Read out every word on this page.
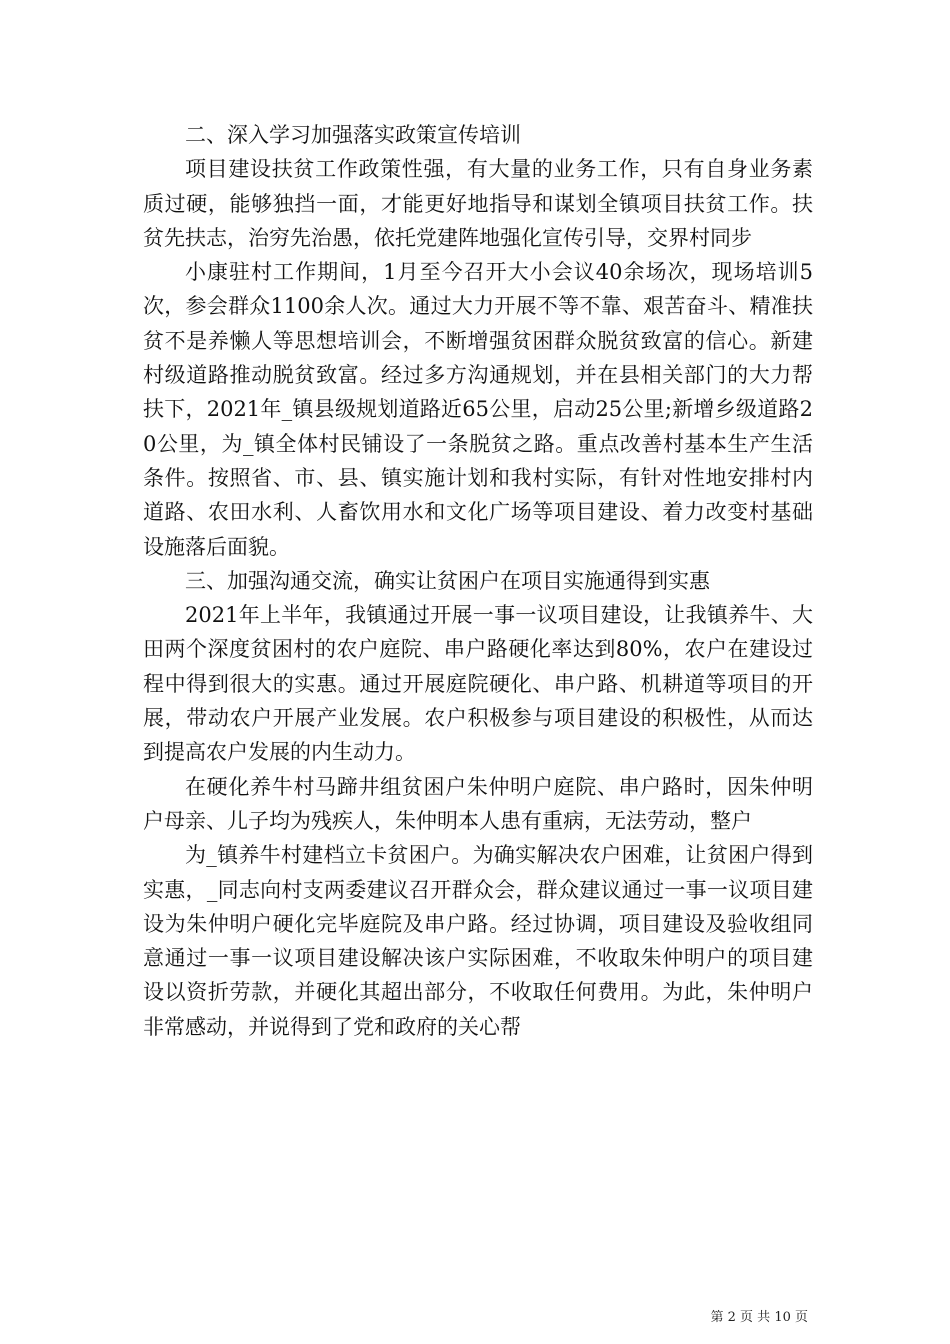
二、深入学习加强落实政策宣传培训

项目建设扶贫工作政策性强，有大量的业务工作，只有自身业务素质过硬，能够独挡一面，才能更好地指导和谋划全镇项目扶贫工作。扶贫先扶志，治穷先治愚，依托党建阵地强化宣传引导，交界村同步

小康驻村工作期间，1月至今召开大小会议40余场次，现场培训5次，参会群众1100余人次。通过大力开展不等不靠、艰苦奋斗、精准扶贫不是养懒人等思想培训会，不断增强贫困群众脱贫致富的信心。新建村级道路推动脱贫致富。经过多方沟通规划，并在县相关部门的大力帮扶下，2021年_镇县级规划道路近65公里，启动25公里;新增乡级道路20公里，为_镇全体村民铺设了一条脱贫之路。重点改善村基本生产生活条件。按照省、市、县、镇实施计划和我村实际，有针对性地安排村内道路、农田水利、人畜饮用水和文化广场等项目建设、着力改变村基础设施落后面貌。

三、加强沟通交流，确实让贫困户在项目实施通得到实惠

2021年上半年，我镇通过开展一事一议项目建设，让我镇养牛、大田两个深度贫困村的农户庭院、串户路硬化率达到80%，农户在建设过程中得到很大的实惠。通过开展庭院硬化、串户路、机耕道等项目的开展，带动农户开展产业发展。农户积极参与项目建设的积极性，从而达到提高农户发展的内生动力。

在硬化养牛村马蹄井组贫困户朱仲明户庭院、串户路时，因朱仲明户母亲、儿子均为残疾人，朱仲明本人患有重病，无法劳动，整户

为_镇养牛村建档立卡贫困户。为确实解决农户困难，让贫困户得到实惠，_同志向村支两委建议召开群众会，群众建议通过一事一议项目建设为朱仲明户硬化完毕庭院及串户路。经过协调，项目建设及验收组同意通过一事一议项目建设解决该户实际困难，不收取朱仲明户的项目建设以资折劳款，并硬化其超出部分，不收取任何费用。为此，朱仲明户非常感动，并说得到了党和政府的关心帮

第 2 页 共 10 页
